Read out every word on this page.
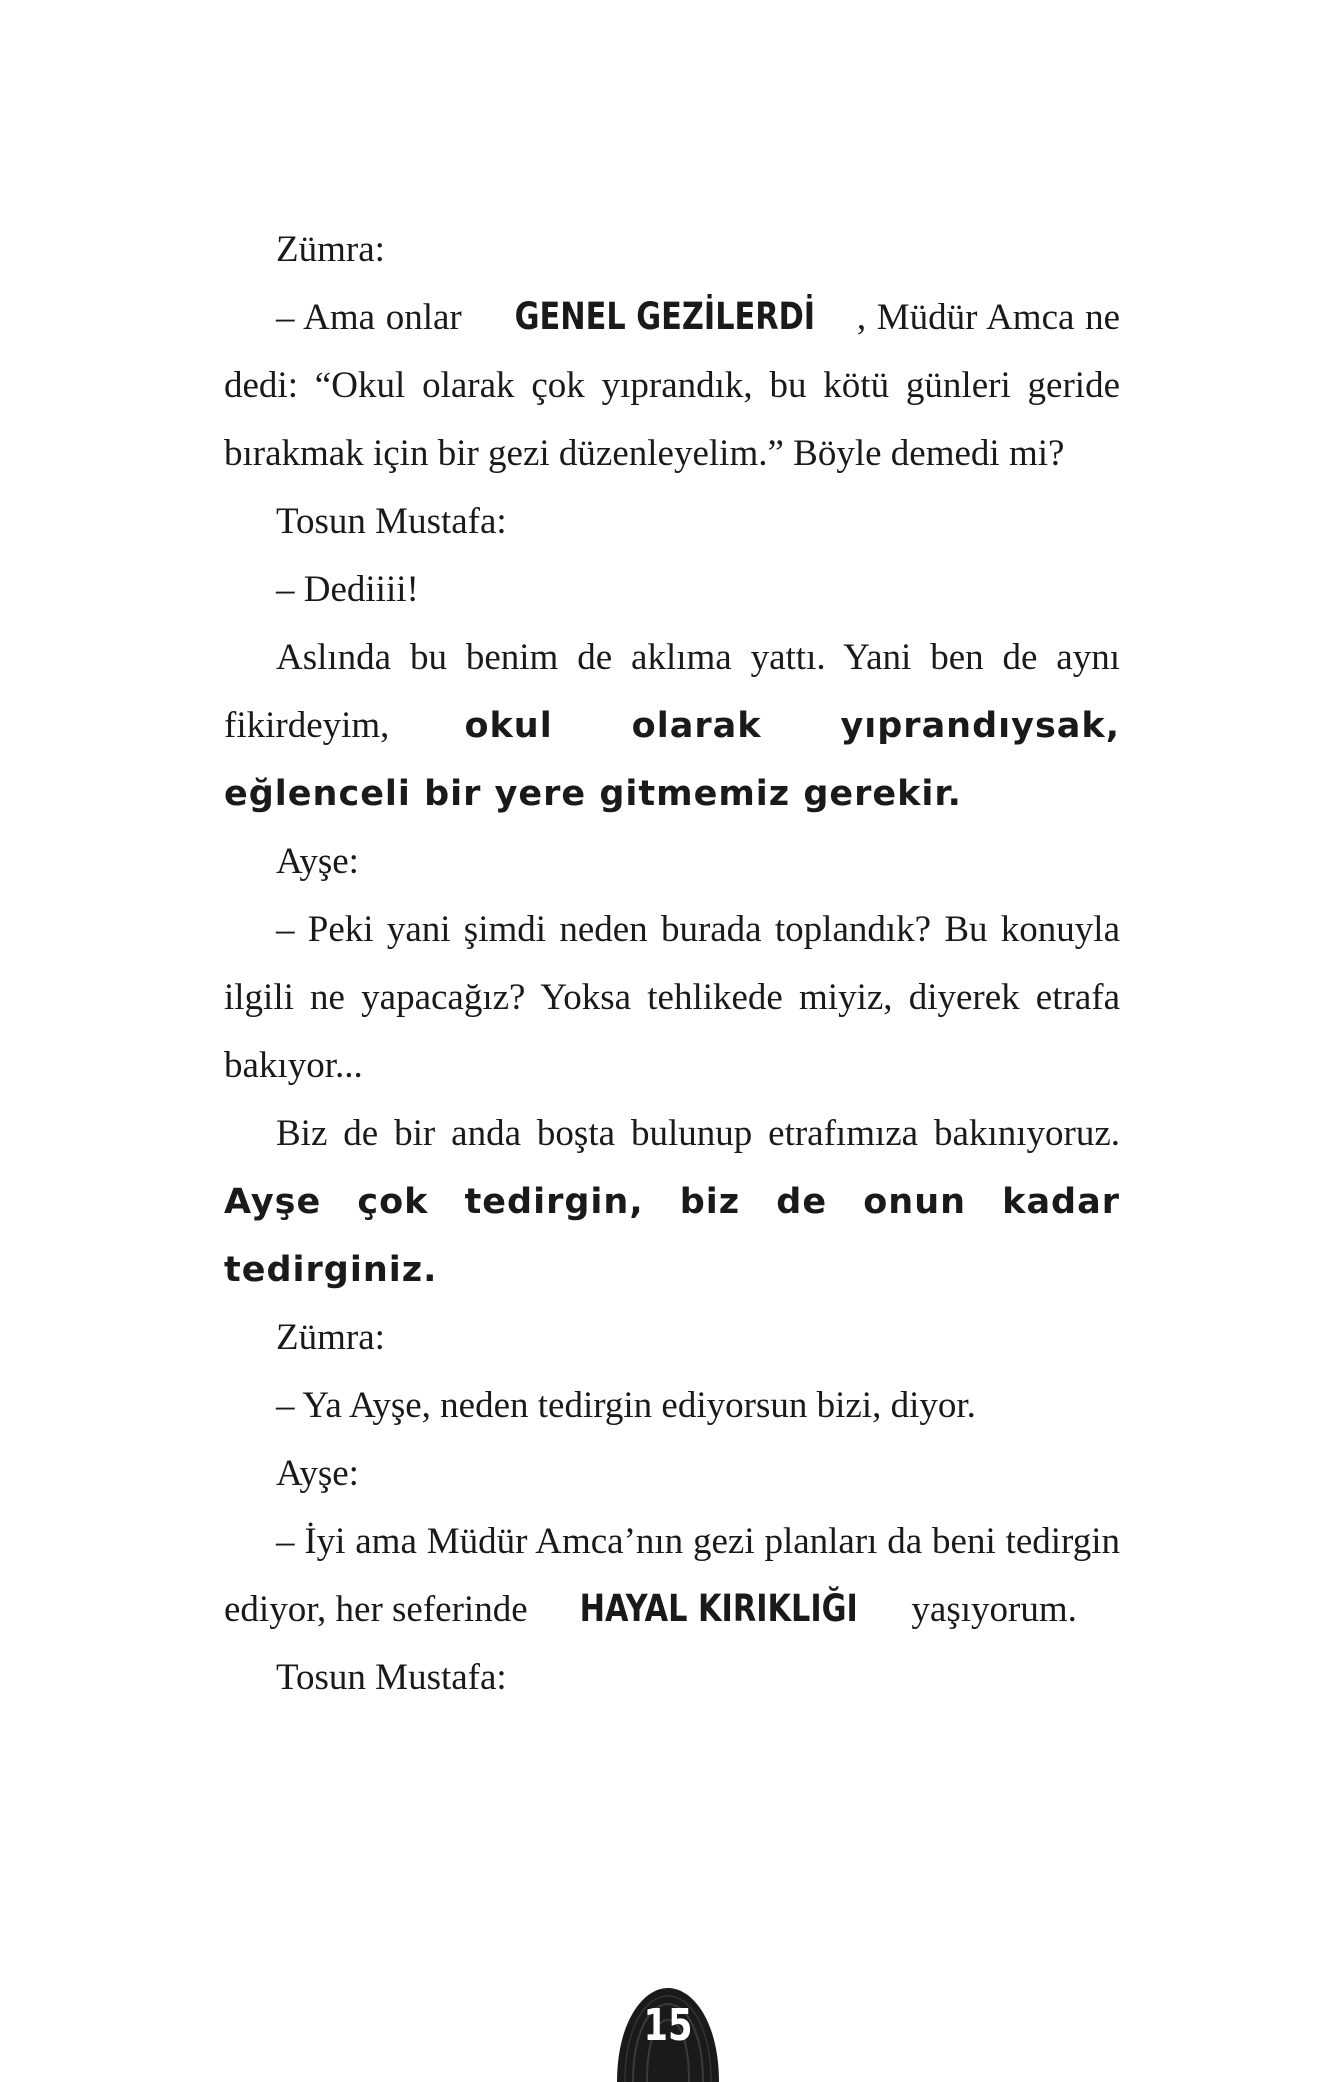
Zümra:

– Ama onlar GENEL GEZİLERDİ , Müdür Amca ne dedi: “Okul olarak çok yıprandık, bu kötü günleri geride bırakmak için bir gezi düzenleyelim.” Böyle demedi mi?

Tosun Mustafa:

– Dediiii!

Aslında bu benim de aklıma yattı. Yani ben de aynı fikirdeyim, okul olarak yıprandıysak, eğlenceli bir yere gitmemiz gerekir.

Ayşe:

– Peki yani şimdi neden burada toplandık? Bu konuyla ilgili ne yapacağız? Yoksa tehlikede miyiz, diyerek etrafa bakıyor...

Biz de bir anda boşta bulunup etrafımıza bakınıyoruz. Ayşe çok tedirgin, biz de onun kadar tedirginiz.

Zümra:

– Ya Ayşe, neden tedirgin ediyorsun bizi, diyor.

Ayşe:

– İyi ama Müdür Amca’nın gezi planları da beni tedirgin ediyor, her seferinde HAYAL KIRIKLIĞI yaşıyorum.

Tosun Mustafa:

15
